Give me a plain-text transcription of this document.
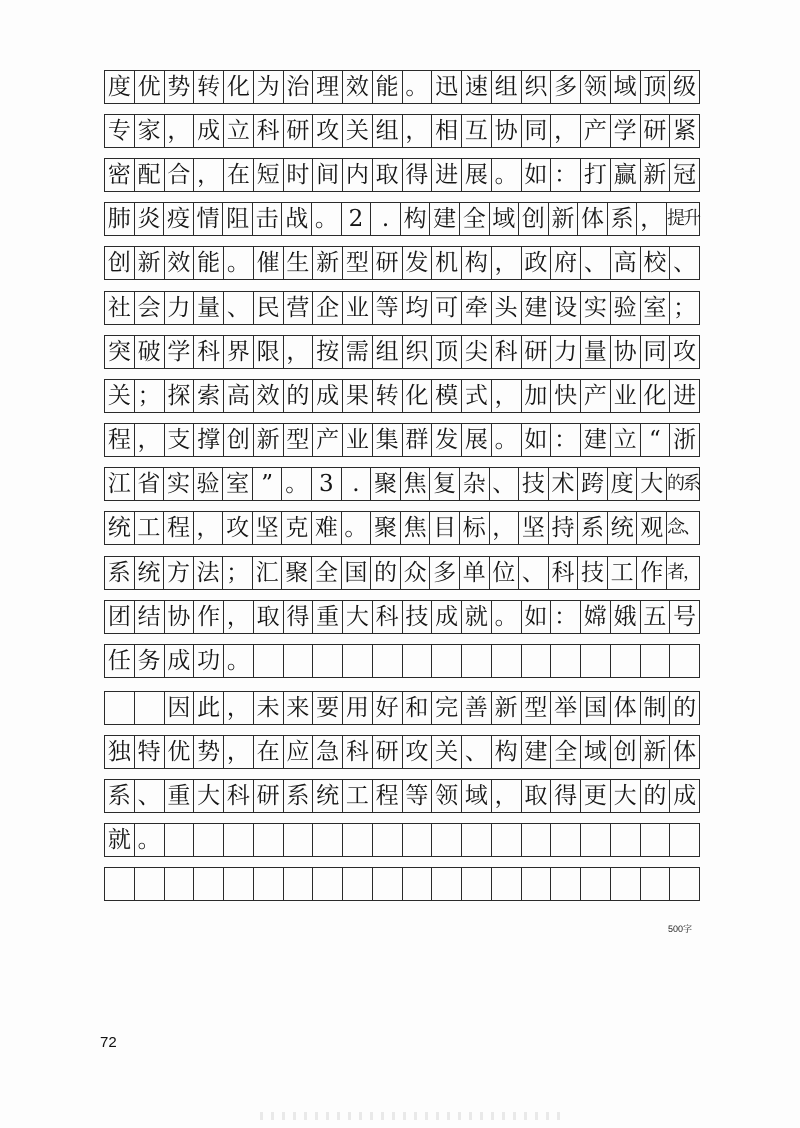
度 优 势 转 化 为 治 理 效 能 。 迅 速 组 织 多 领 域 顶 级
专 家 ， 成 立 科 研 攻 关 组 ， 相 互 协 同 ， 产 学 研 紧
密 配 合 ， 在 短 时 间 内 取 得 进 展 。 如 ： 打 赢 新 冠
肺 炎 疫 情 阻 击 战 。 2 . 构 建 全 域 创 新 体 系 ， 提升
创 新 效 能 。 催 生 新 型 研 发 机 构 ， 政 府 、 高 校 、
社 会 力 量 、 民 营 企 业 等 均 可 牵 头 建 设 实 验 室 ；
突 破 学 科 界 限 ， 按 需 组 织 顶 尖 科 研 力 量 协 同 攻
关 ； 探 索 高 效 的 成 果 转 化 模 式 ， 加 快 产 业 化 进
程 ， 支 撑 创 新 型 产 业 集 群 发 展 。 如 ： 建 立 “ 浙
江 省 实 验 室 ” 。 3 . 聚 焦 复 杂 、 技 术 跨 度 大 的系
统 工 程 ， 攻 坚 克 难 。 聚 焦 目 标 ， 坚 持 系 统 观 念、
系 统 方 法 ； 汇 聚 全 国 的 众 多 单 位 、 科 技 工 作 者，
团 结 协 作 ， 取 得 重 大 科 技 成 就 。 如 ： 嫦 娥 五 号
任 务 成 功 。

因 此 ， 未 来 要 用 好 和 完 善 新 型 举 国 体 制 的
独 特 优 势 ， 在 应 急 科 研 攻 关 、 构 建 全 域 创 新 体
系 、 重 大 科 研 系 统 工 程 等 领 域 ， 取 得 更 大 的 成
就 。
500字
72
